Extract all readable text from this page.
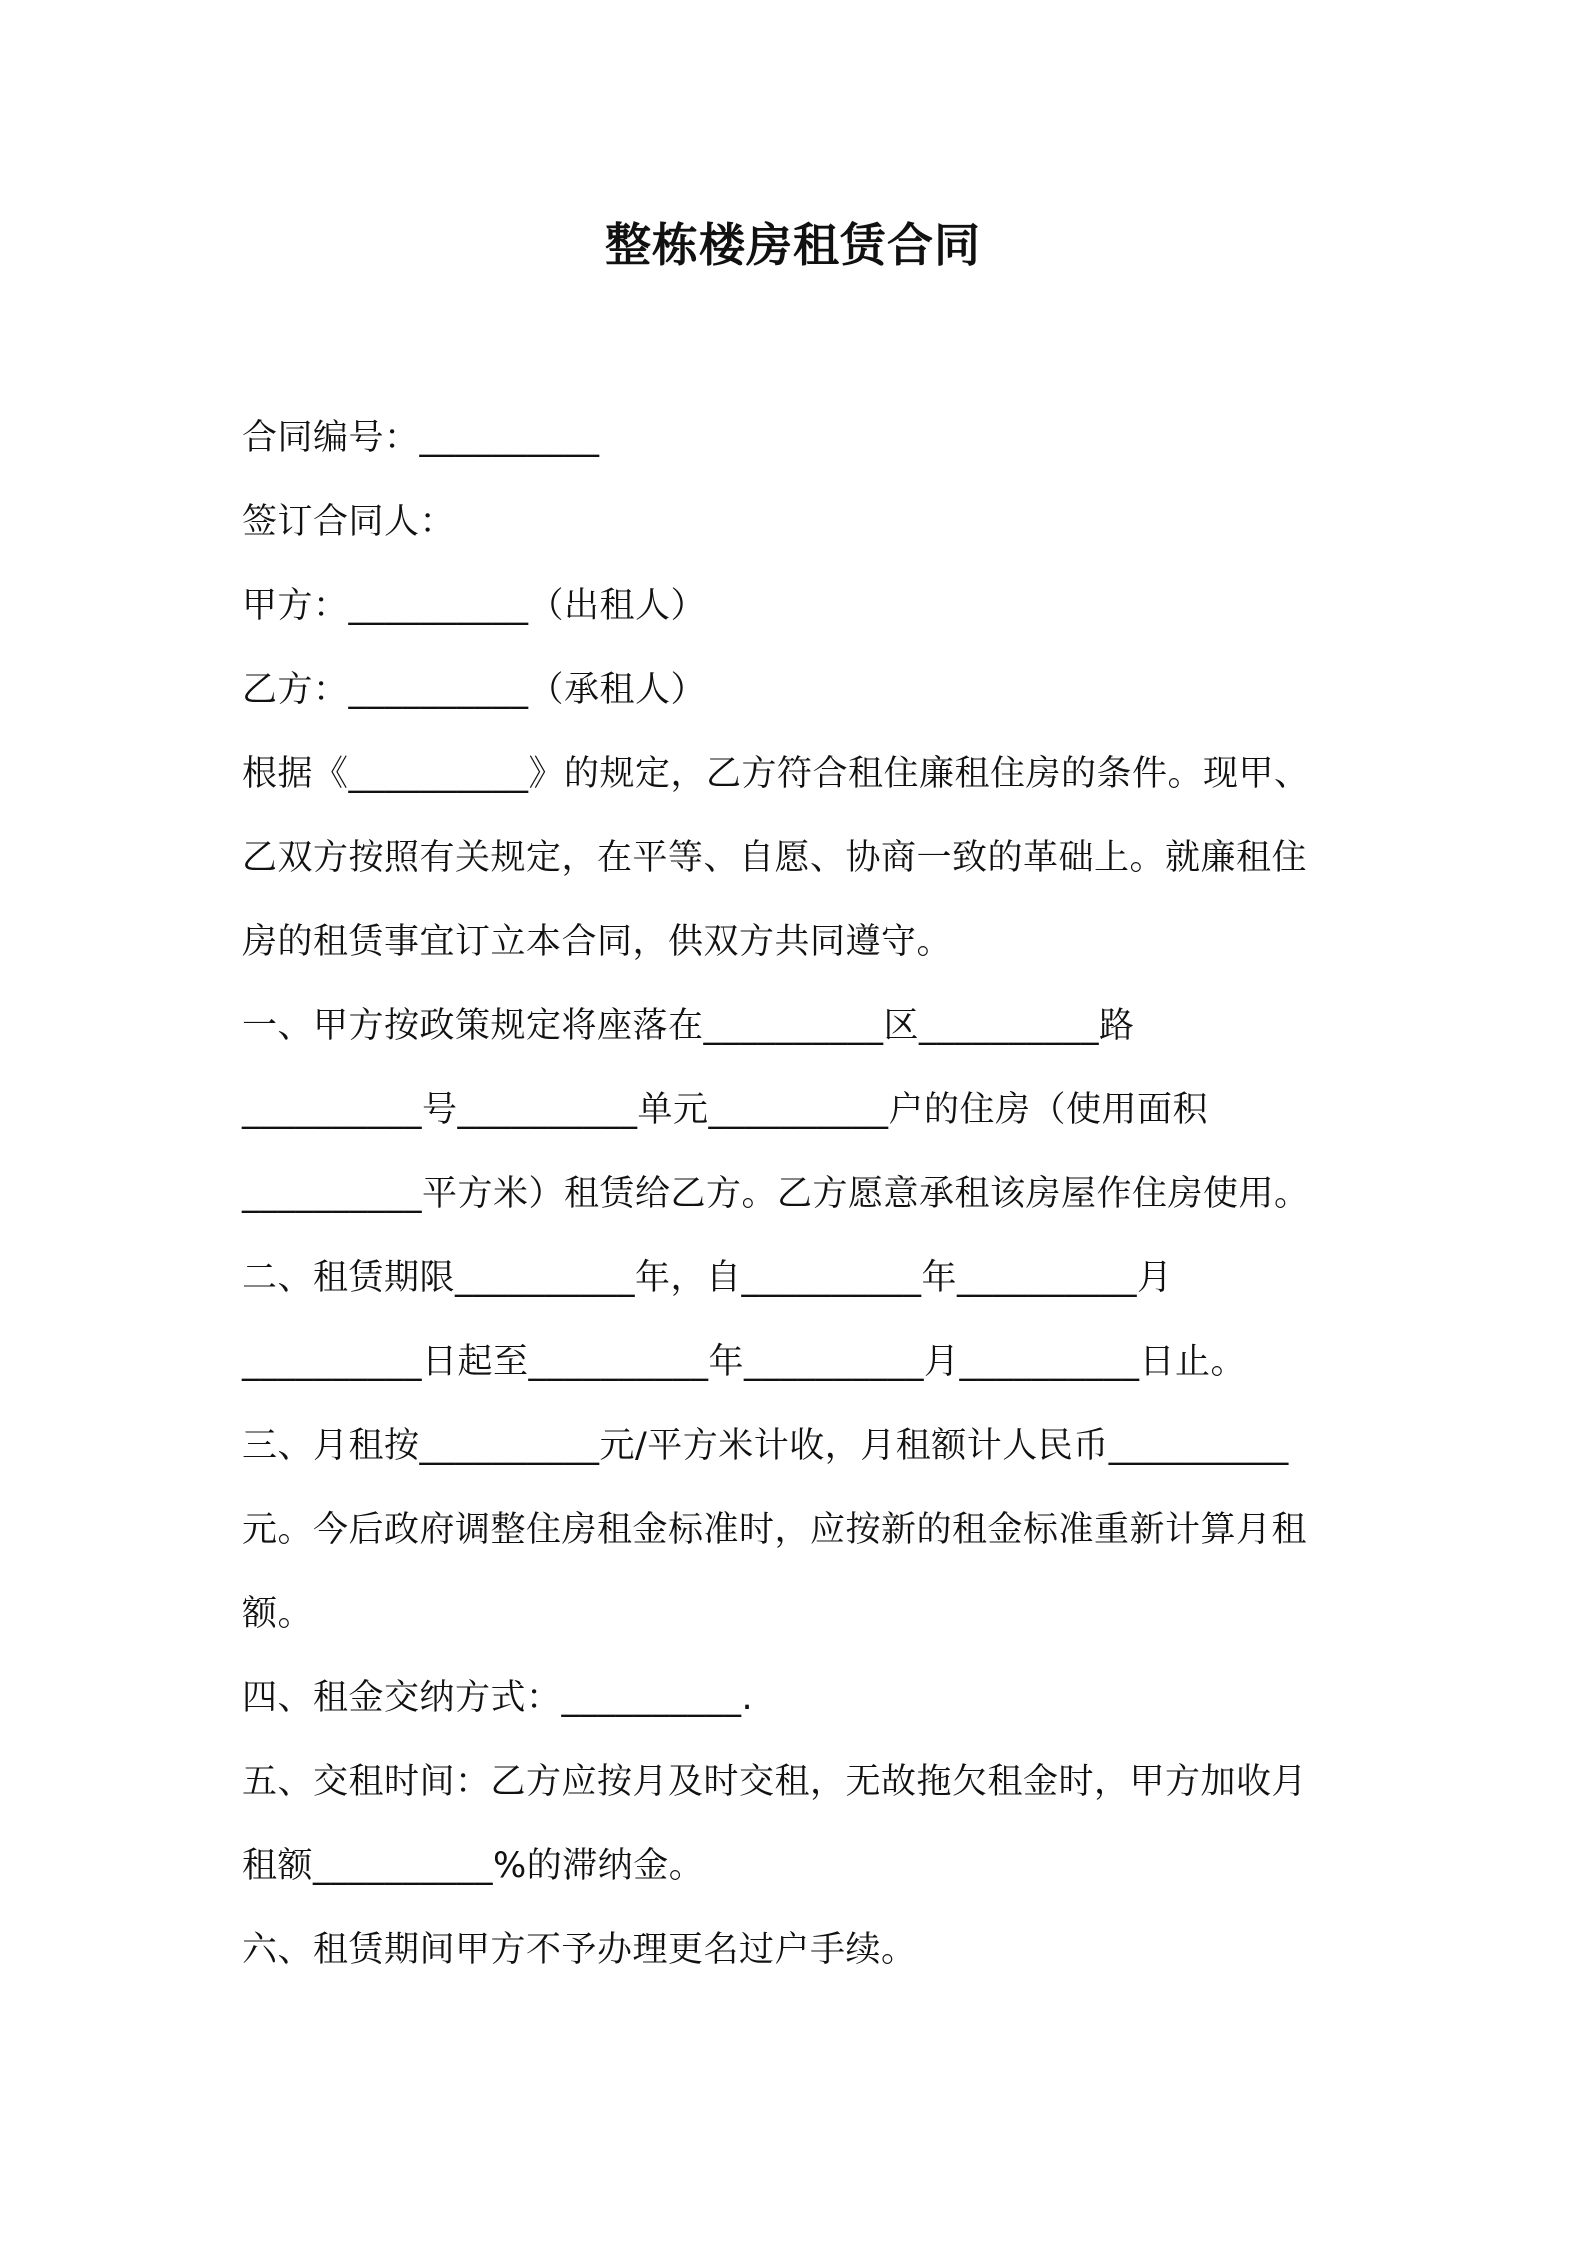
整栋楼房租赁合同
合同编号：__________
签订合同人：
甲方：__________（出租人）
乙方：__________（承租人）
根据《__________》的规定，乙方符合租住廉租住房的条件。现甲、
乙双方按照有关规定，在平等、自愿、协商一致的革础上。就廉租住
房的租赁事宜订立本合同，供双方共同遵守。
一、甲方按政策规定将座落在__________区__________路
__________号__________单元__________户的住房（使用面积
__________平方米）租赁给乙方。乙方愿意承租该房屋作住房使用。
二、租赁期限__________年，自__________年__________月
__________日起至__________年__________月__________日止。
三、月租按__________元/平方米计收，月租额计人民币__________
元。今后政府调整住房租金标准时，应按新的租金标准重新计算月租
额。
四、租金交纳方式：__________.
五、交租时间：乙方应按月及时交租，无故拖欠租金时，甲方加收月
租额__________%的滞纳金。
六、租赁期间甲方不予办理更名过户手续。
